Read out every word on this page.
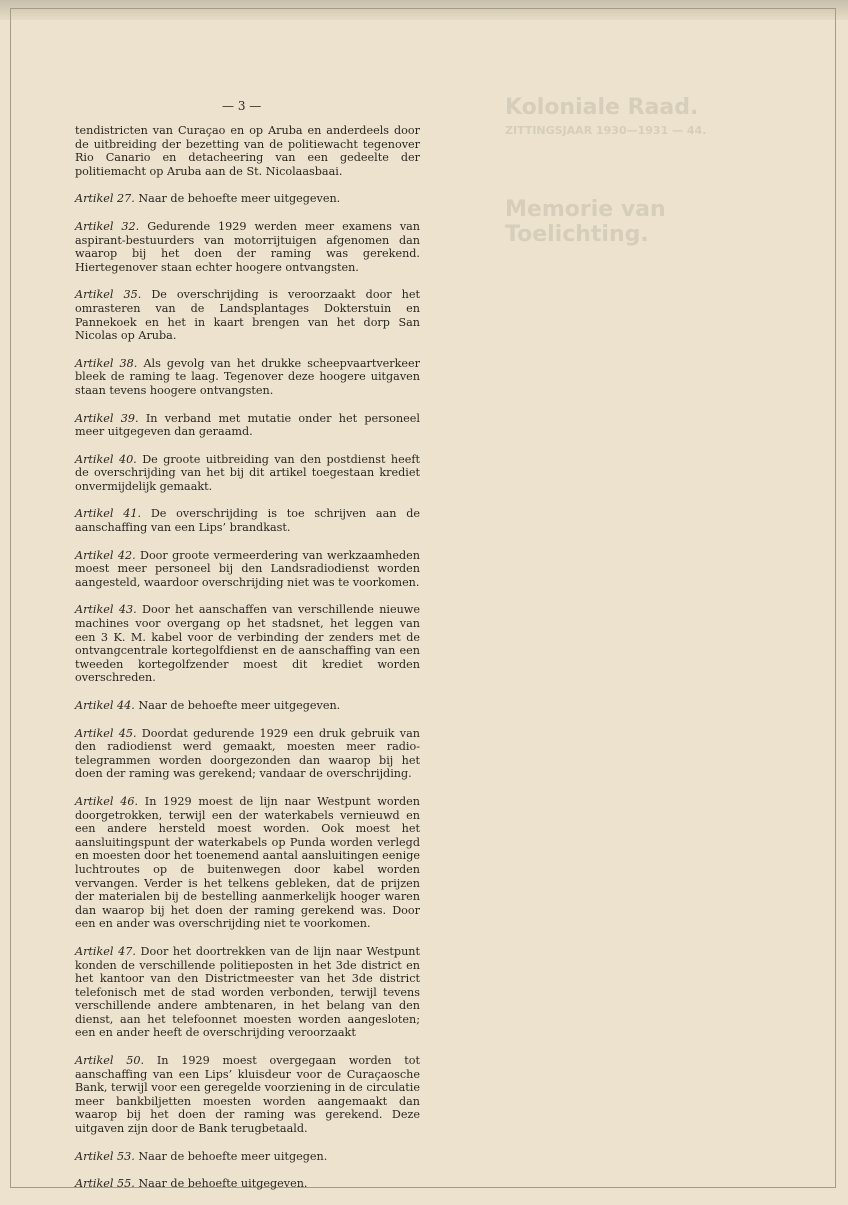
Koloniale Raad.
ZITTINGSJAAR 1930—1931 — 44.
Memorie van Toelichting.
— 3 —

tendistricten van Curaçao en op Aruba en anderdeels door de uitbreiding der bezetting van de politiewacht tegenover Rio Canario en detacheering van een gedeelte der politiemacht op Aruba aan de St. Nicolaasbaai.

Artikel 27. Naar de behoefte meer uitgegeven.

Artikel 32. Gedurende 1929 werden meer examens van aspirant-bestuurders van motorrijtuigen afgenomen dan waarop bij het doen der raming was gerekend. Hiertegenover staan echter hoogere ontvangsten.

Artikel 35. De overschrijding is veroorzaakt door het omrasteren van de Landsplantages Dokterstuin en Pannekoek en het in kaart brengen van het dorp San Nicolas op Aruba.

Artikel 38. Als gevolg van het drukke scheepvaartverkeer bleek de raming te laag. Tegenover deze hoogere uitgaven staan tevens hoogere ontvangsten.

Artikel 39. In verband met mutatie onder het personeel meer uitgegeven dan geraamd.

Artikel 40. De groote uitbreiding van den postdienst heeft de overschrijding van het bij dit artikel toegestaan krediet onvermijdelijk gemaakt.

Artikel 41. De overschrijding is toe schrijven aan de aanschaffing van een Lips’ brandkast.

Artikel 42. Door groote vermeerdering van werkzaamheden moest meer personeel bij den Landsradiodienst worden aangesteld, waardoor overschrijding niet was te voorkomen.

Artikel 43. Door het aanschaffen van verschillende nieuwe machines voor overgang op het stadsnet, het leggen van een 3 K. M. kabel voor de verbinding der zenders met de ontvangcentrale kortegolfdienst en de aanschaffing van een tweeden kortegolfzender moest dit krediet worden overschreden.

Artikel 44. Naar de behoefte meer uitgegeven.

Artikel 45. Doordat gedurende 1929 een druk gebruik van den radiodienst werd gemaakt, moesten meer radio-telegrammen worden doorgezonden dan waarop bij het doen der raming was gerekend; vandaar de overschrijding.

Artikel 46. In 1929 moest de lijn naar Westpunt worden doorgetrokken, terwijl een der waterkabels vernieuwd en een andere hersteld moest worden. Ook moest het aansluitingspunt der waterkabels op Punda worden verlegd en moesten door het toenemend aantal aansluitingen eenige luchtroutes op de buitenwegen door kabel worden vervangen. Verder is het telkens gebleken, dat de prijzen der materialen bij de bestelling aanmerkelijk hooger waren dan waarop bij het doen der raming gerekend was. Door een en ander was overschrijding niet te voorkomen.

Artikel 47. Door het doortrekken van de lijn naar Westpunt konden de verschillende politieposten in het 3de district en het kantoor van den Districtmeester van het 3de district telefonisch met de stad worden verbonden, terwijl tevens verschillende andere ambtenaren, in het belang van den dienst, aan het telefoonnet moesten worden aangesloten; een en ander heeft de overschrijding veroorzaakt

Artikel 50. In 1929 moest overgegaan worden tot aanschaffing van een Lips’ kluisdeur voor de Curaçaosche Bank, terwijl voor een geregelde voorziening in de circulatie meer bankbiljetten moesten worden aangemaakt dan waarop bij het doen der raming was gerekend. Deze uitgaven zijn door de Bank terugbetaald.

Artikel 53. Naar de behoefte meer uitgegen.

Artikel 55. Naar de behoefte uitgegeven.
